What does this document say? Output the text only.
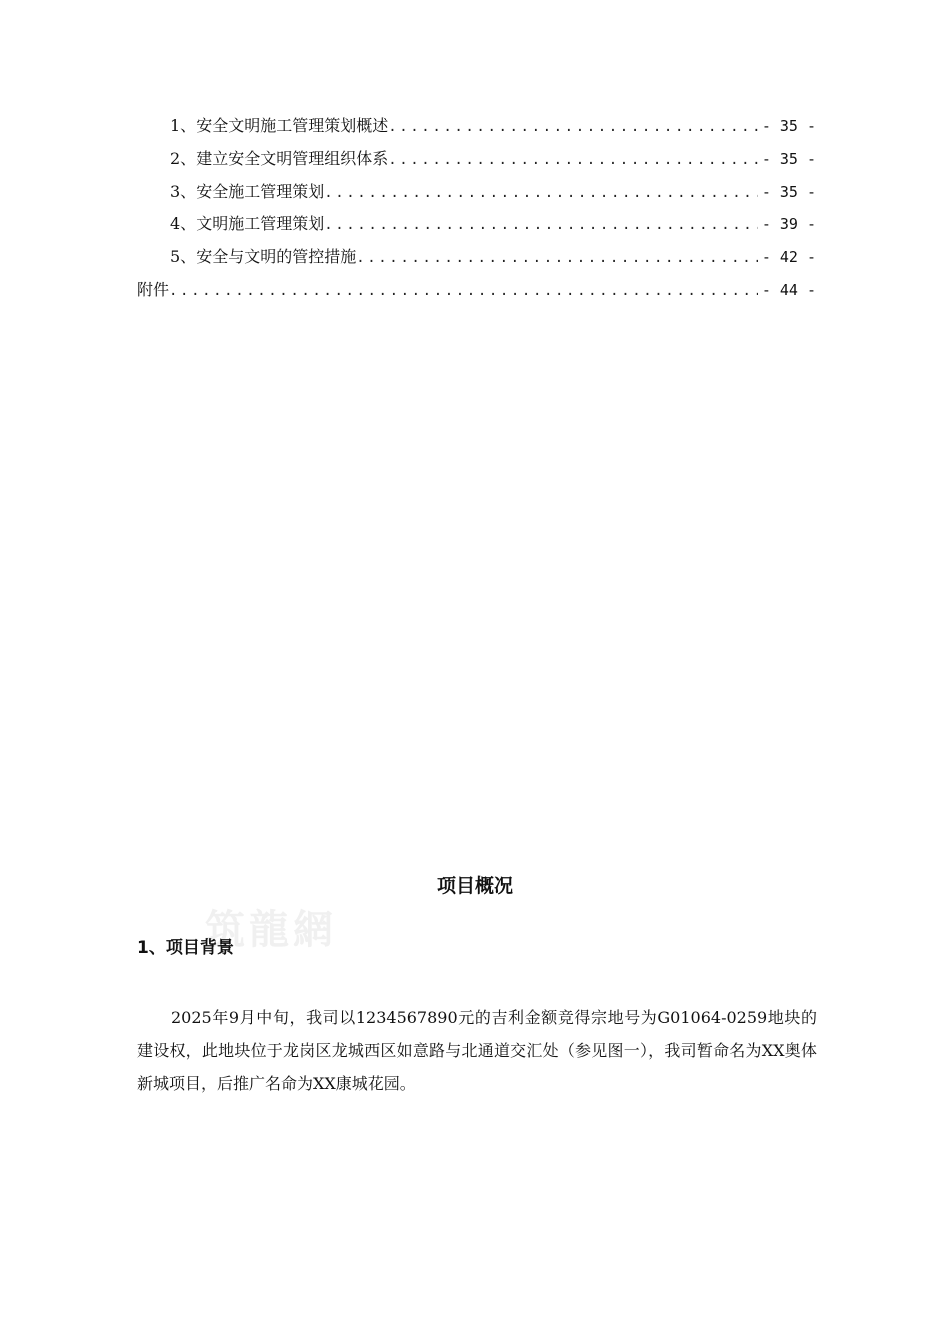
1、 安全文明施工管理策划概述 .....	- 35 -
2、 建立安全文明管理组织体系 .....	- 35 -
3、 安全施工管理策划 .....	- 35 -
4、 文明施工管理策划 .....	- 39 -
5、 安全与文明的管控措施 .....	- 42 -
附件 .....	- 44 -
项目概况
筑龍網
1、项目背景

2025年9月中旬，我司以1234567890元的吉利金额竞得宗地号为G01064-0259地块的建设权，此地块位于龙岗区龙城西区如意路与北通道交汇处（参见图一），我司暂命名为XX奥体新城项目，后推广名命为XX康城花园。
